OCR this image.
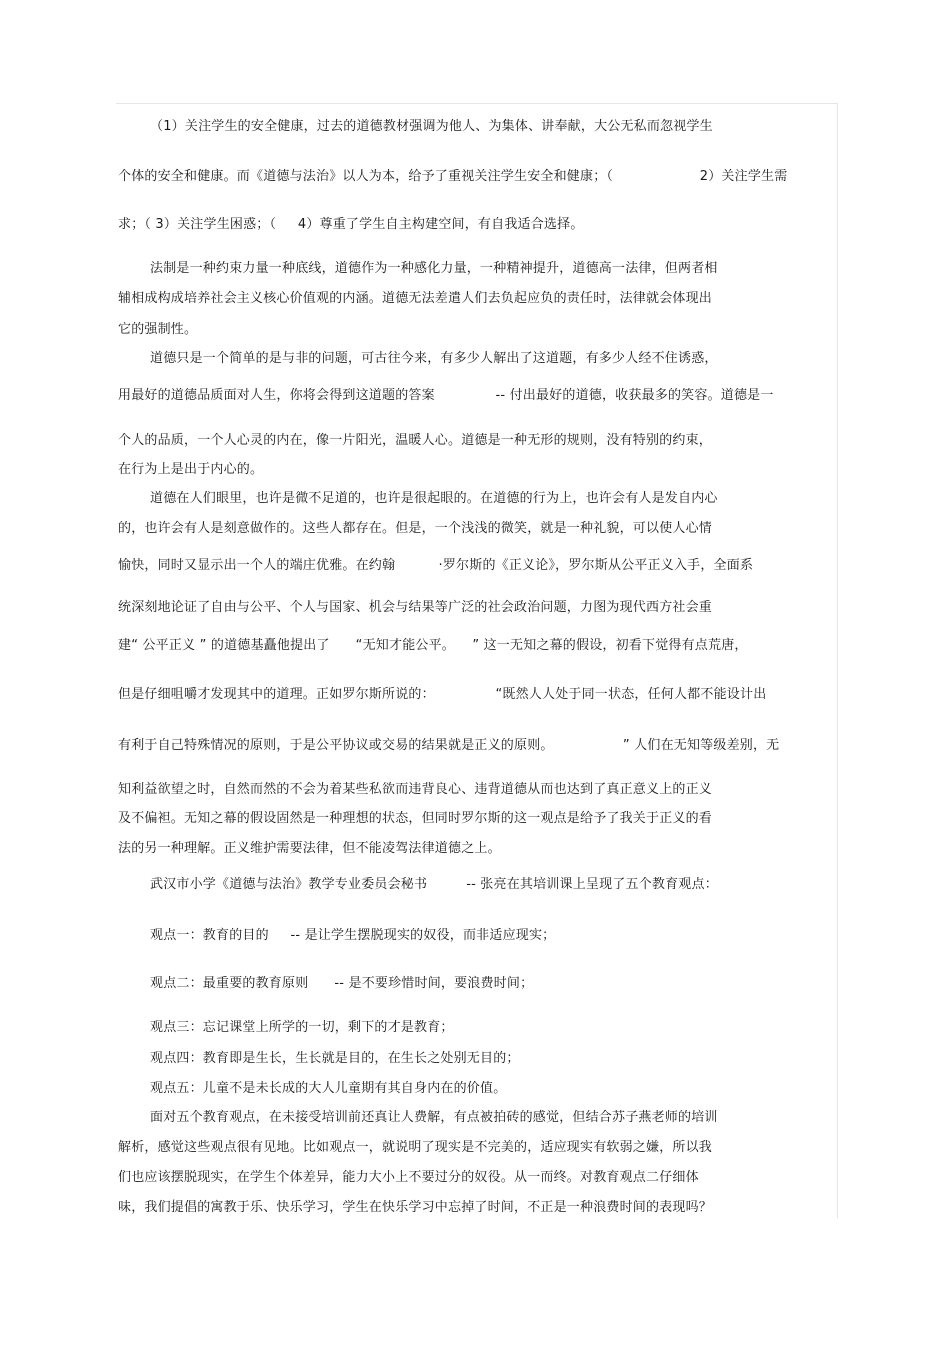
（1）关注学生的安全健康，过去的道德教材强调为他人、为集体、讲奉献，大公无私而忽视学生

个体的安全和健康。而《道德与法治》以人为本，给予了重视关注学生安全和健康；（                    2）关注学生需

求；（ 3）关注学生困惑；（     4）尊重了学生自主构建空间，有自我适合选择。

法制是一种约束力量一种底线，道德作为一种感化力量，一种精神提升，道德高一法律，但两者相

辅相成构成培养社会主义核心价值观的内涵。道德无法差遣人们去负起应负的责任时，法律就会体现出

它的强制性。

道德只是一个简单的是与非的问题，可古往今来，有多少人解出了这道题，有多少人经不住诱惑，

用最好的道德品质面对人生，你将会得到这道题的答案              -- 付出最好的道德，收获最多的笑容。道德是一

个人的品质，一个人心灵的内在，像一片阳光，温暖人心。道德是一种无形的规则，没有特别的约束，

在行为上是出于内心的。

道德在人们眼里，也许是微不足道的，也许是很起眼的。在道德的行为上，也许会有人是发自内心

的，也许会有人是刻意做作的。这些人都存在。但是，一个浅浅的微笑，就是一种礼貌，可以使人心情

愉快，同时又显示出一个人的端庄优雅。在约翰          ·罗尔斯的《正义论》，罗尔斯从公平正义入手，全面系

统深刻地论证了自由与公平、个人与国家、机会与结果等广泛的社会政治问题，力图为现代西方社会重

建“ 公平正义 ” 的道德基矗他提出了      “无知才能公平。    ” 这一无知之幕的假设，初看下觉得有点荒唐，

但是仔细咀嚼才发现其中的道理。正如罗尔斯所说的：              “既然人人处于同一状态，任何人都不能设计出

有利于自己特殊情况的原则，于是公平协议或交易的结果就是正义的原则。                ” 人们在无知等级差别，无

知利益欲望之时，自然而然的不会为着某些私欲而违背良心、违背道德从而也达到了真正意义上的正义

及不偏袒。无知之幕的假设固然是一种理想的状态，但同时罗尔斯的这一观点是给予了我关于正义的看

法的另一种理解。正义维护需要法律，但不能凌驾法律道德之上。

武汉市小学《道德与法治》教学专业委员会秘书         -- 张亮在其培训课上呈现了五个教育观点：

观点一：教育的目的     -- 是让学生摆脱现实的奴役，而非适应现实；

观点二：最重要的教育原则      -- 是不要珍惜时间，要浪费时间；

观点三：忘记课堂上所学的一切，剩下的才是教育；

观点四：教育即是生长，生长就是目的，在生长之处别无目的；

观点五：儿童不是未长成的大人儿童期有其自身内在的价值。

面对五个教育观点，在未接受培训前还真让人费解，有点被拍砖的感觉，但结合苏子燕老师的培训

解析，感觉这些观点很有见地。比如观点一，就说明了现实是不完美的，适应现实有软弱之嫌，所以我

们也应该摆脱现实，在学生个体差异，能力大小上不要过分的奴役。从一而终。对教育观点二仔细体

味，我们提倡的寓教于乐、快乐学习，学生在快乐学习中忘掉了时间，不正是一种浪费时间的表现吗？
